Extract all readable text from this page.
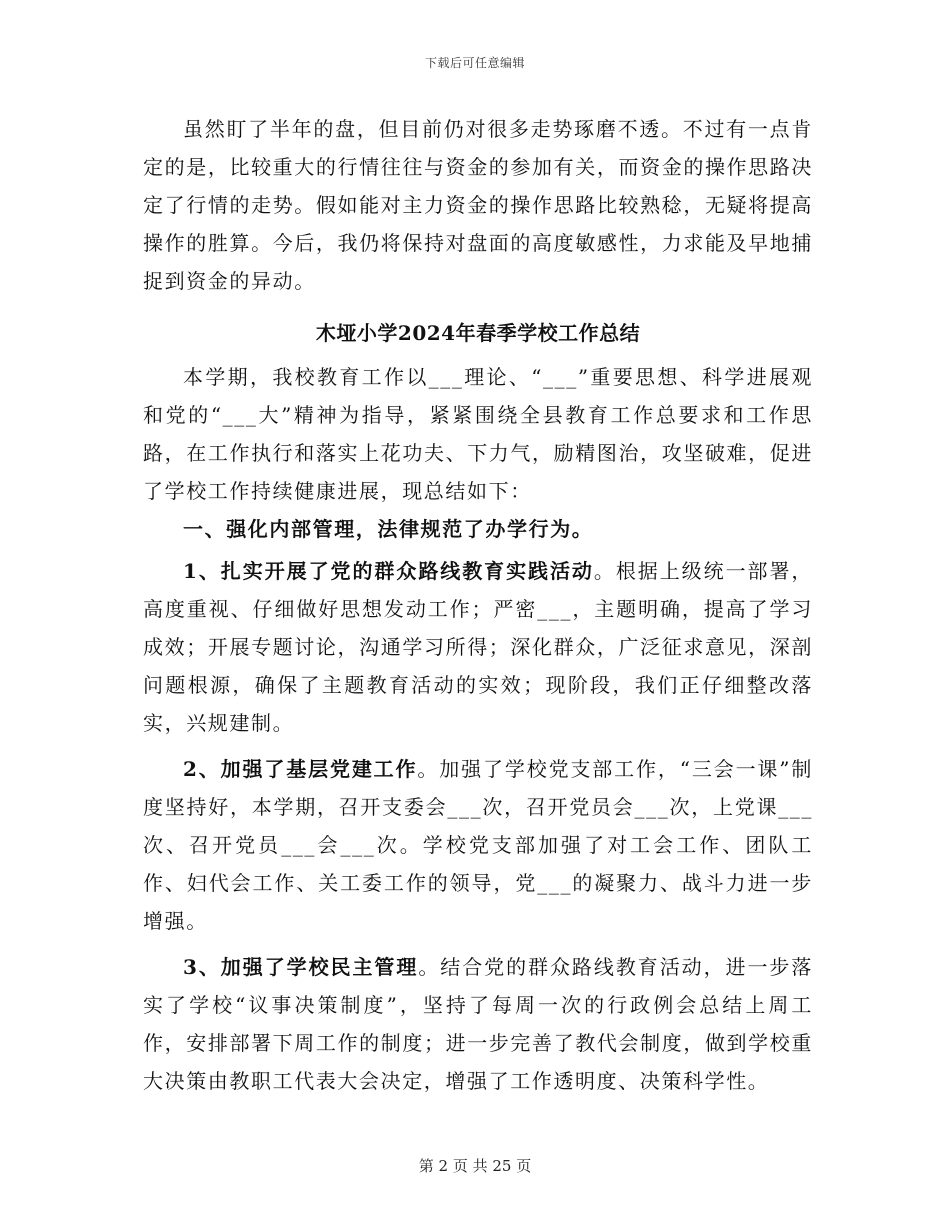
下载后可任意编辑

虽然盯了半年的盘，但目前仍对很多走势琢磨不透。不过有一点肯定的是，比较重大的行情往往与资金的参加有关，而资金的操作思路决定了行情的走势。假如能对主力资金的操作思路比较熟稔，无疑将提高操作的胜算。今后，我仍将保持对盘面的高度敏感性，力求能及早地捕捉到资金的异动。

木垭小学2024年春季学校工作总结

本学期，我校教育工作以___理论、“___”重要思想、科学进展观和党的“___大”精神为指导，紧紧围绕全县教育工作总要求和工作思路，在工作执行和落实上花功夫、下力气，励精图治，攻坚破难，促进了学校工作持续健康进展，现总结如下：

一、强化内部管理，法律规范了办学行为。

1、扎实开展了党的群众路线教育实践活动。根据上级统一部署，高度重视、仔细做好思想发动工作；严密___，主题明确，提高了学习成效；开展专题讨论，沟通学习所得；深化群众，广泛征求意见，深剖问题根源，确保了主题教育活动的实效；现阶段，我们正仔细整改落实，兴规建制。

2、加强了基层党建工作。加强了学校党支部工作，“三会一课”制度坚持好，本学期，召开支委会___次，召开党员会___次，上党课___次、召开党员___会___次。学校党支部加强了对工会工作、团队工作、妇代会工作、关工委工作的领导，党___的凝聚力、战斗力进一步增强。

3、加强了学校民主管理。结合党的群众路线教育活动，进一步落实了学校“议事决策制度”，坚持了每周一次的行政例会总结上周工作，安排部署下周工作的制度；进一步完善了教代会制度，做到学校重大决策由教职工代表大会决定，增强了工作透明度、决策科学性。

第 2 页 共 25 页
